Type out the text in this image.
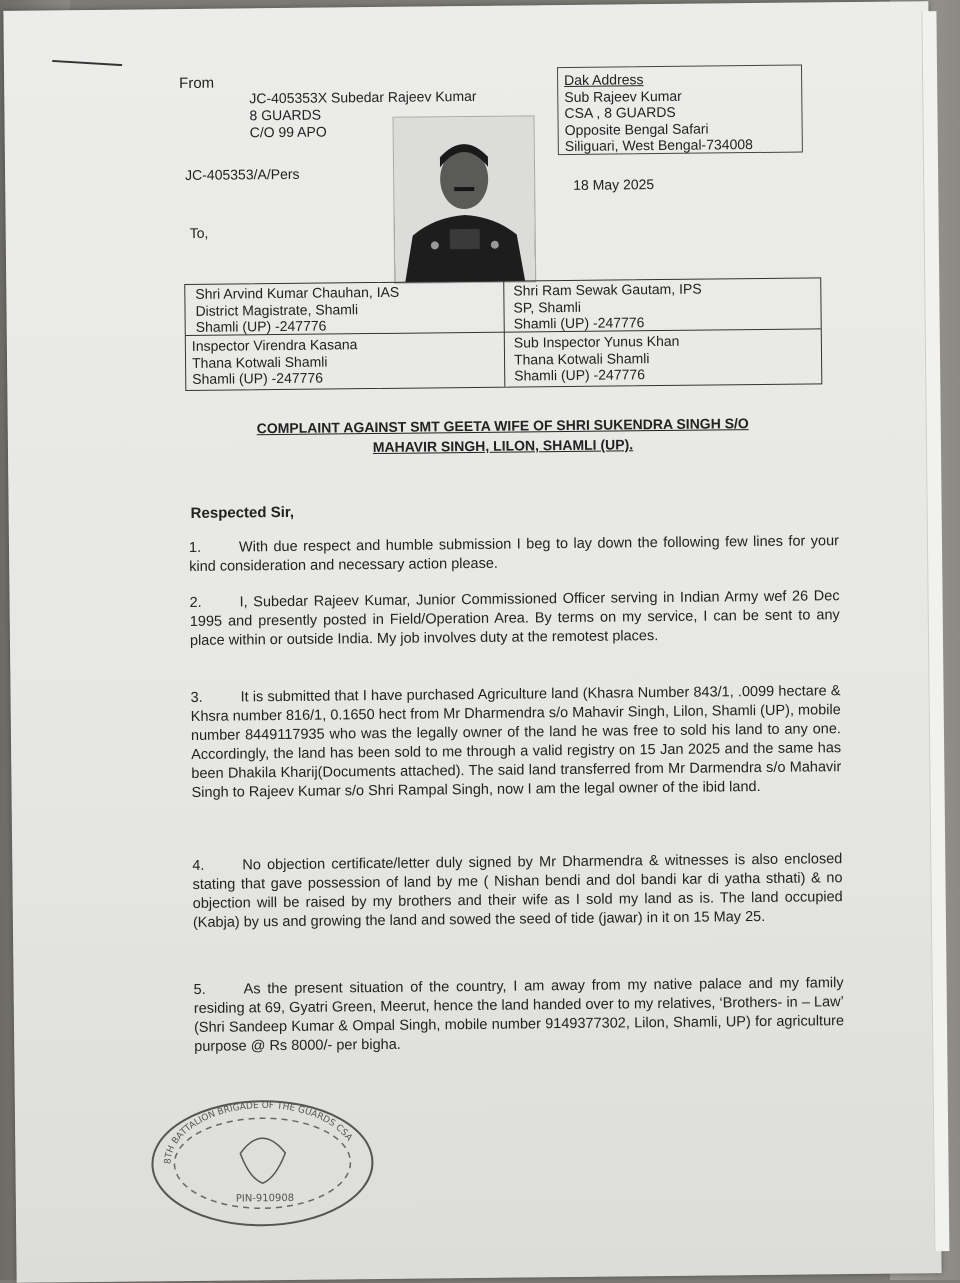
From
JC-405353X Subedar Rajeev Kumar
8 GUARDS
C/O 99 APO
Dak Address
Sub Rajeev Kumar
CSA , 8 GUARDS
Opposite Bengal Safari
Siliguari, West Bengal-734008
JC-405353/A/Pers
18 May 2025
To,
Shri Arvind Kumar Chauhan, IAS
District Magistrate, Shamli
Shamli (UP) -247776
Shri Ram Sewak Gautam, IPS
SP, Shamli
Shamli (UP) -247776
Inspector Virendra Kasana
Thana Kotwali Shamli
Shamli (UP) -247776
Sub Inspector Yunus Khan
Thana Kotwali Shamli
Shamli (UP) -247776
COMPLAINT AGAINST SMT GEETA WIFE OF SHRI SUKENDRA SINGH S/O
MAHAVIR SINGH, LILON, SHAMLI (UP).
Respected Sir,
1.	With due respect and humble submission I beg to lay down the following few lines for your kind consideration and necessary action please.
2.	I, Subedar Rajeev Kumar, Junior Commissioned Officer serving in Indian Army wef 26 Dec 1995 and presently posted in Field/Operation Area. By terms on my service, I can be sent to any place within or outside India. My job involves duty at the remotest places.
3.	It is submitted that I have purchased Agriculture land (Khasra Number 843/1, .0099 hectare & Khsra number 816/1, 0.1650 hect from Mr Dharmendra s/o Mahavir Singh, Lilon, Shamli (UP), mobile number 8449117935 who was the legally owner of the land he was free to sold his land to any one. Accordingly, the land has been sold to me through a valid registry on 15 Jan 2025 and the same has been Dhakila Kharij(Documents attached). The said land transferred from Mr Darmendra s/o Mahavir Singh to Rajeev Kumar s/o Shri Rampal Singh, now I am the legal owner of the ibid land.
4.	No objection certificate/letter duly signed by Mr Dharmendra & witnesses is also enclosed stating that gave possession of land by me ( Nishan bendi and dol bandi kar di yatha sthati) & no objection will be raised by my brothers and their wife as I sold my land as is. The land occupied (Kabja) by us and growing the land and sowed the seed of tide (jawar) in it on 15 May 25.
5.	As the present situation of the country, I am away from my native palace and my family residing at 69, Gyatri Green, Meerut, hence the land handed over to my relatives, ‘Brothers- in – Law’ (Shri Sandeep Kumar & Ompal Singh, mobile number 9149377302, Lilon, Shamli, UP) for agriculture purpose @ Rs 8000/- per bigha.
8TH BATTALION BRIGADE OF THE GUARDS CSA
PIN-910908
